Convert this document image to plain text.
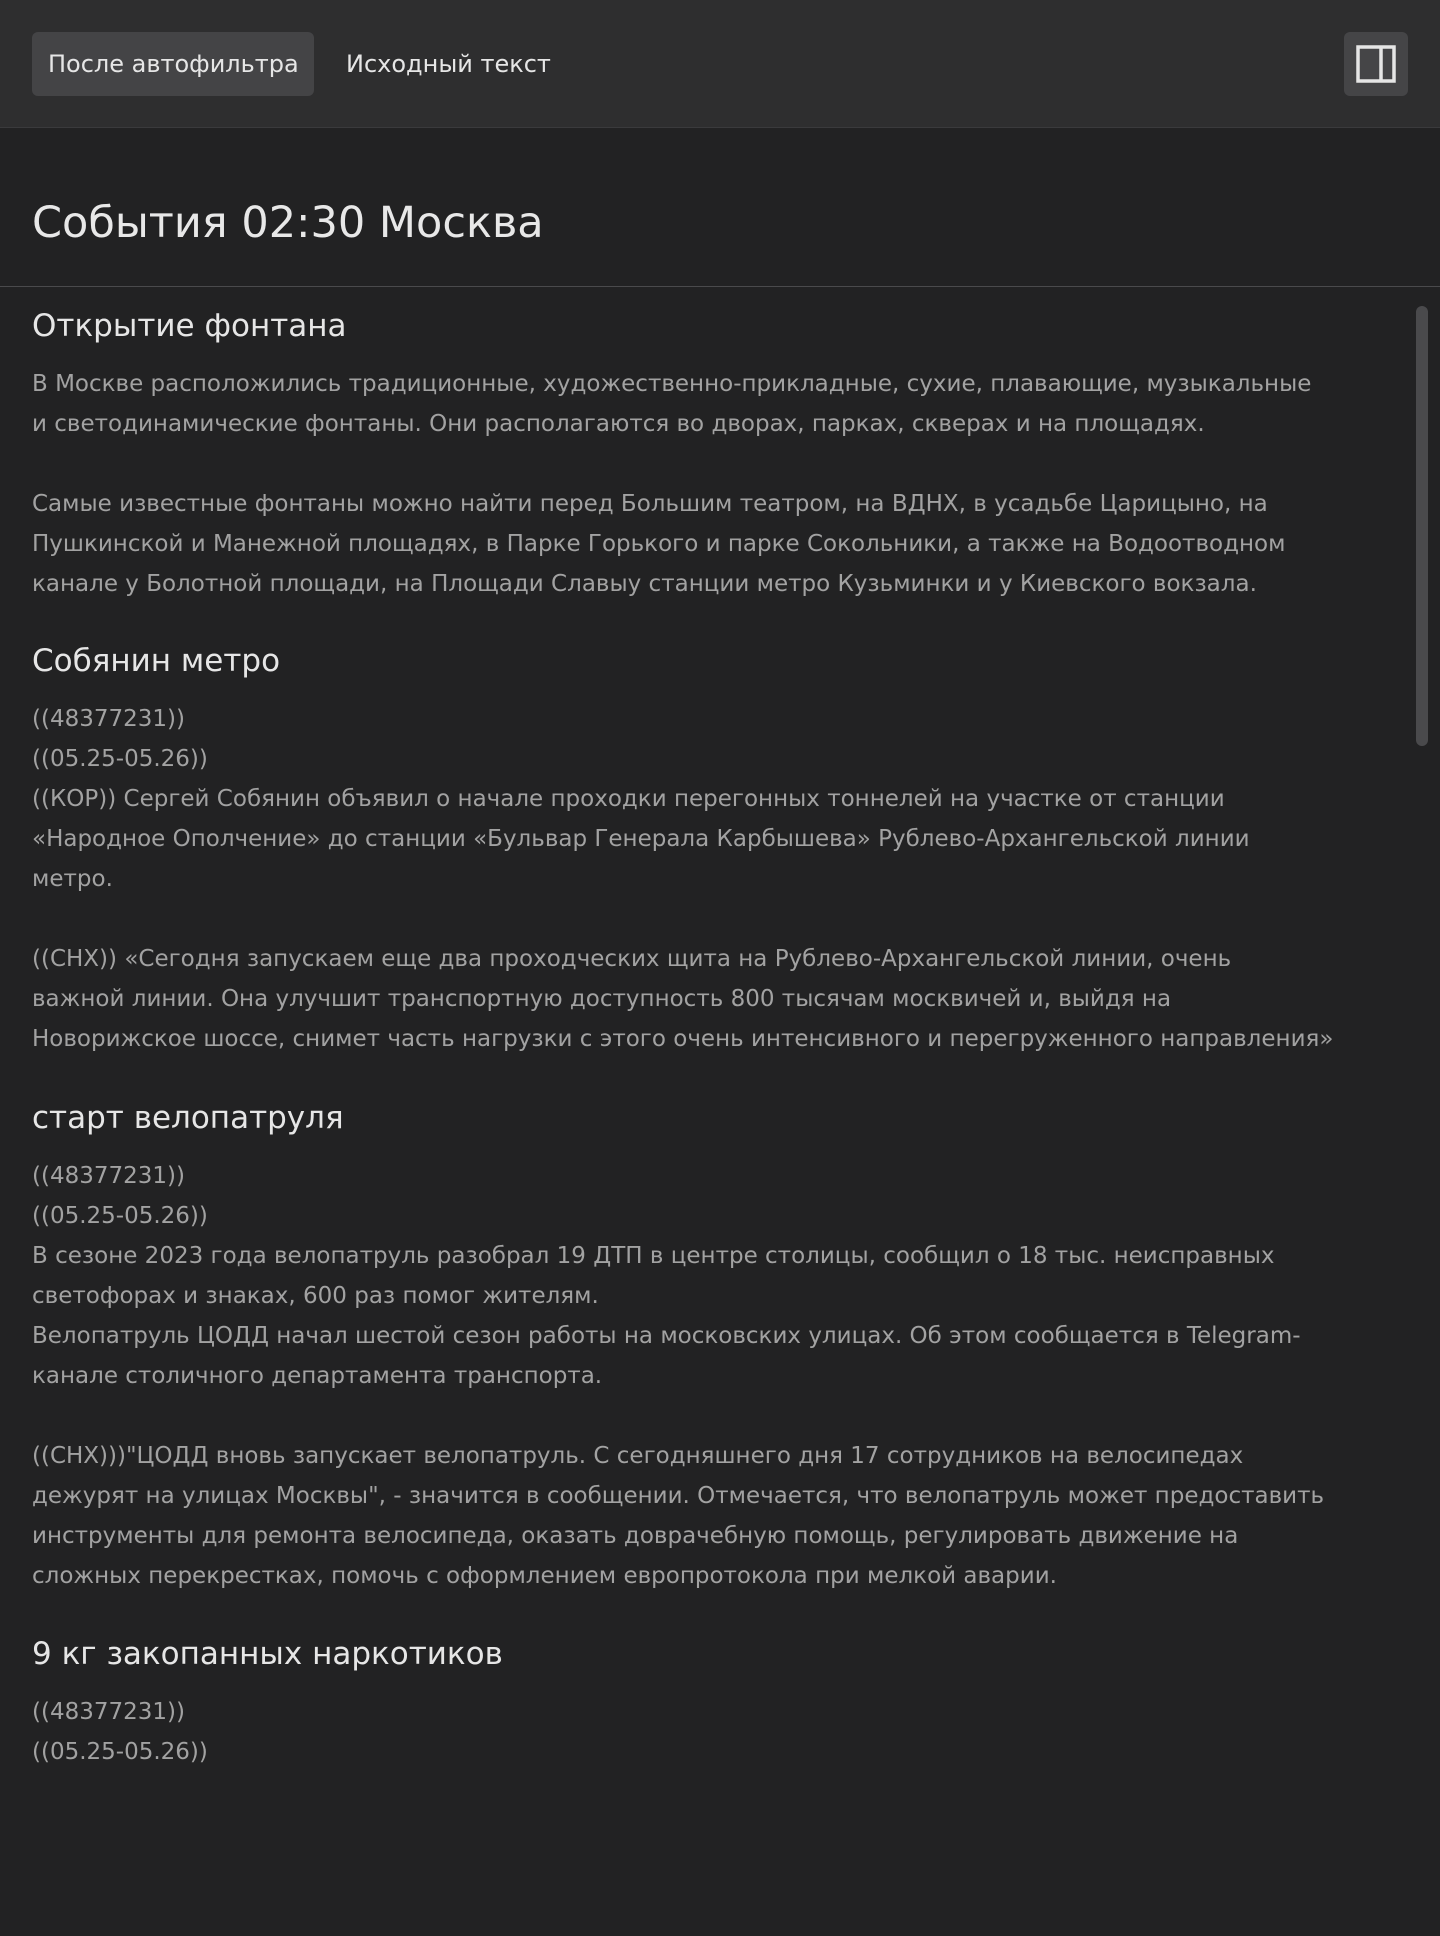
После автофильтра	Исходный текст
События 02:30 Москва
Открытие фонтана
В Москве расположились традиционные, художественно-прикладные, сухие, плавающие, музыкальные
и светодинамические фонтаны. Они располагаются во дворах, парках, скверах и на площадях.
Самые известные фонтаны можно найти перед Большим театром, на ВДНХ, в усадьбе Царицыно, на
Пушкинской и Манежной площадях, в Парке Горького и парке Сокольники, а также на Водоотводном
канале у Болотной площади, на Площади Славыу станции метро Кузьминки и у Киевского вокзала.
Собянин метро
((48377231))
((05.25-05.26))
((КОР)) Сергей Собянин объявил о начале проходки перегонных тоннелей на участке от станции
«Народное Ополчение» до станции «Бульвар Генерала Карбышева» Рублево-Архангельской линии
метро.
((СНХ)) «Сегодня запускаем еще два проходческих щита на Рублево-Архангельской линии, очень
важной линии. Она улучшит транспортную доступность 800 тысячам москвичей и, выйдя на
Новорижское шоссе, снимет часть нагрузки с этого очень интенсивного и перегруженного направления»
старт велопатруля
((48377231))
((05.25-05.26))
В сезоне 2023 года велопатруль разобрал 19 ДТП в центре столицы, сообщил о 18 тыс. неисправных
светофорах и знаках, 600 раз помог жителям.
Велопатруль ЦОДД начал шестой сезон работы на московских улицах. Об этом сообщается в Telegram-
канале столичного департамента транспорта.
((СНХ)))"ЦОДД вновь запускает велопатруль. С сегодняшнего дня 17 сотрудников на велосипедах
дежурят на улицах Москвы", - значится в сообщении. Отмечается, что велопатруль может предоставить
инструменты для ремонта велосипеда, оказать доврачебную помощь, регулировать движение на
сложных перекрестках, помочь с оформлением европротокола при мелкой аварии.
9 кг закопанных наркотиков
((48377231))
((05.25-05.26))
